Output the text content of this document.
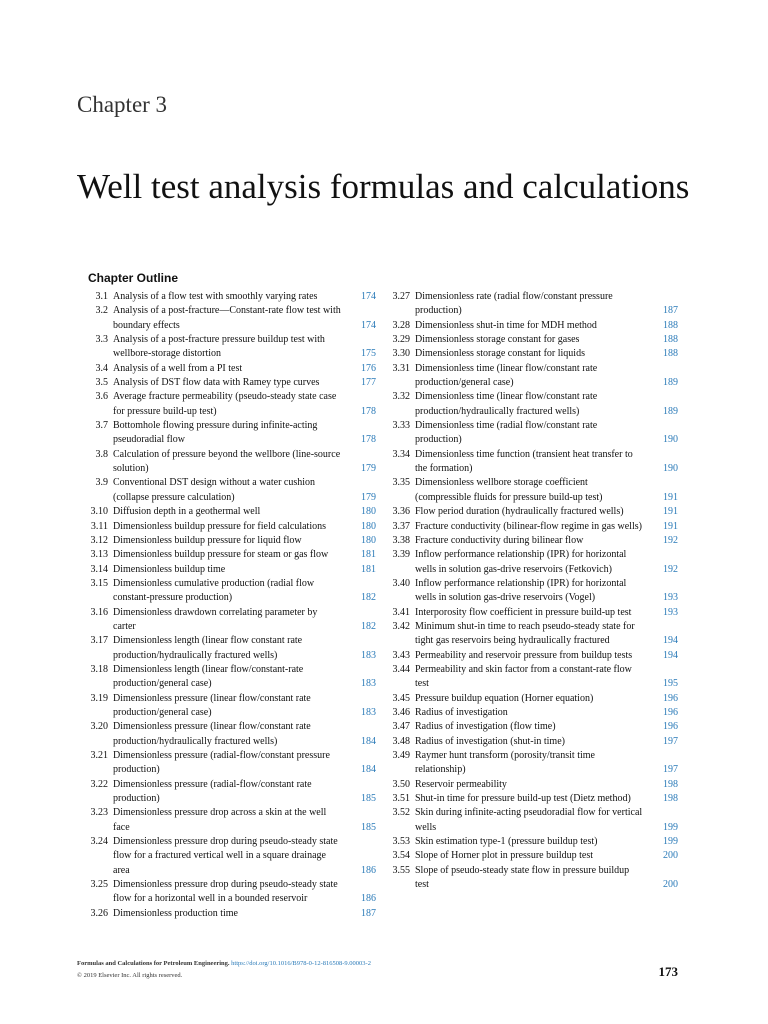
Chapter 3
Well test analysis formulas and calculations
Chapter Outline
3.1 Analysis of a flow test with smoothly varying rates	174
3.2 Analysis of a post-fracture—Constant-rate flow test with boundary effects	174
3.3 Analysis of a post-fracture pressure buildup test with wellbore-storage distortion	175
3.4 Analysis of a well from a PI test	176
3.5 Analysis of DST flow data with Ramey type curves	177
3.6 Average fracture permeability (pseudo-steady state case for pressure build-up test)	178
3.7 Bottomhole flowing pressure during infinite-acting pseudoradial flow	178
3.8 Calculation of pressure beyond the wellbore (line-source solution)	179
3.9 Conventional DST design without a water cushion (collapse pressure calculation)	179
3.10 Diffusion depth in a geothermal well	180
3.11 Dimensionless buildup pressure for field calculations	180
3.12 Dimensionless buildup pressure for liquid flow	180
3.13 Dimensionless buildup pressure for steam or gas flow	181
3.14 Dimensionless buildup time	181
3.15 Dimensionless cumulative production (radial flow constant-pressure production)	182
3.16 Dimensionless drawdown correlating parameter by carter	182
3.17 Dimensionless length (linear flow constant rate production/hydraulically fractured wells)	183
3.18 Dimensionless length (linear flow/constant-rate production/general case)	183
3.19 Dimensionless pressure (linear flow/constant rate production/general case)	183
3.20 Dimensionless pressure (linear flow/constant rate production/hydraulically fractured wells)	184
3.21 Dimensionless pressure (radial-flow/constant pressure production)	184
3.22 Dimensionless pressure (radial-flow/constant rate production)	185
3.23 Dimensionless pressure drop across a skin at the well face	185
3.24 Dimensionless pressure drop during pseudo-steady state flow for a fractured vertical well in a square drainage area	186
3.25 Dimensionless pressure drop during pseudo-steady state flow for a horizontal well in a bounded reservoir	186
3.26 Dimensionless production time	187
3.27 Dimensionless rate (radial flow/constant pressure production)	187
3.28 Dimensionless shut-in time for MDH method	188
3.29 Dimensionless storage constant for gases	188
3.30 Dimensionless storage constant for liquids	188
3.31 Dimensionless time (linear flow/constant rate production/general case)	189
3.32 Dimensionless time (linear flow/constant rate production/hydraulically fractured wells)	189
3.33 Dimensionless time (radial flow/constant rate production)	190
3.34 Dimensionless time function (transient heat transfer to the formation)	190
3.35 Dimensionless wellbore storage coefficient (compressible fluids for pressure build-up test)	191
3.36 Flow period duration (hydraulically fractured wells)	191
3.37 Fracture conductivity (bilinear-flow regime in gas wells)	191
3.38 Fracture conductivity during bilinear flow	192
3.39 Inflow performance relationship (IPR) for horizontal wells in solution gas-drive reservoirs (Fetkovich)	192
3.40 Inflow performance relationship (IPR) for horizontal wells in solution gas-drive reservoirs (Vogel)	193
3.41 Interporosity flow coefficient in pressure build-up test	193
3.42 Minimum shut-in time to reach pseudo-steady state for tight gas reservoirs being hydraulically fractured	194
3.43 Permeability and reservoir pressure from buildup tests	194
3.44 Permeability and skin factor from a constant-rate flow test	195
3.45 Pressure buildup equation (Horner equation)	196
3.46 Radius of investigation	196
3.47 Radius of investigation (flow time)	196
3.48 Radius of investigation (shut-in time)	197
3.49 Raymer hunt transform (porosity/transit time relationship)	197
3.50 Reservoir permeability	198
3.51 Shut-in time for pressure build-up test (Dietz method)	198
3.52 Skin during infinite-acting pseudoradial flow for vertical wells	199
3.53 Skin estimation type-1 (pressure buildup test)	199
3.54 Slope of Horner plot in pressure buildup test	200
3.55 Slope of pseudo-steady state flow in pressure buildup test	200
Formulas and Calculations for Petroleum Engineering. https://doi.org/10.1016/B978-0-12-816508-9.00003-2
© 2019 Elsevier Inc. All rights reserved.	173
